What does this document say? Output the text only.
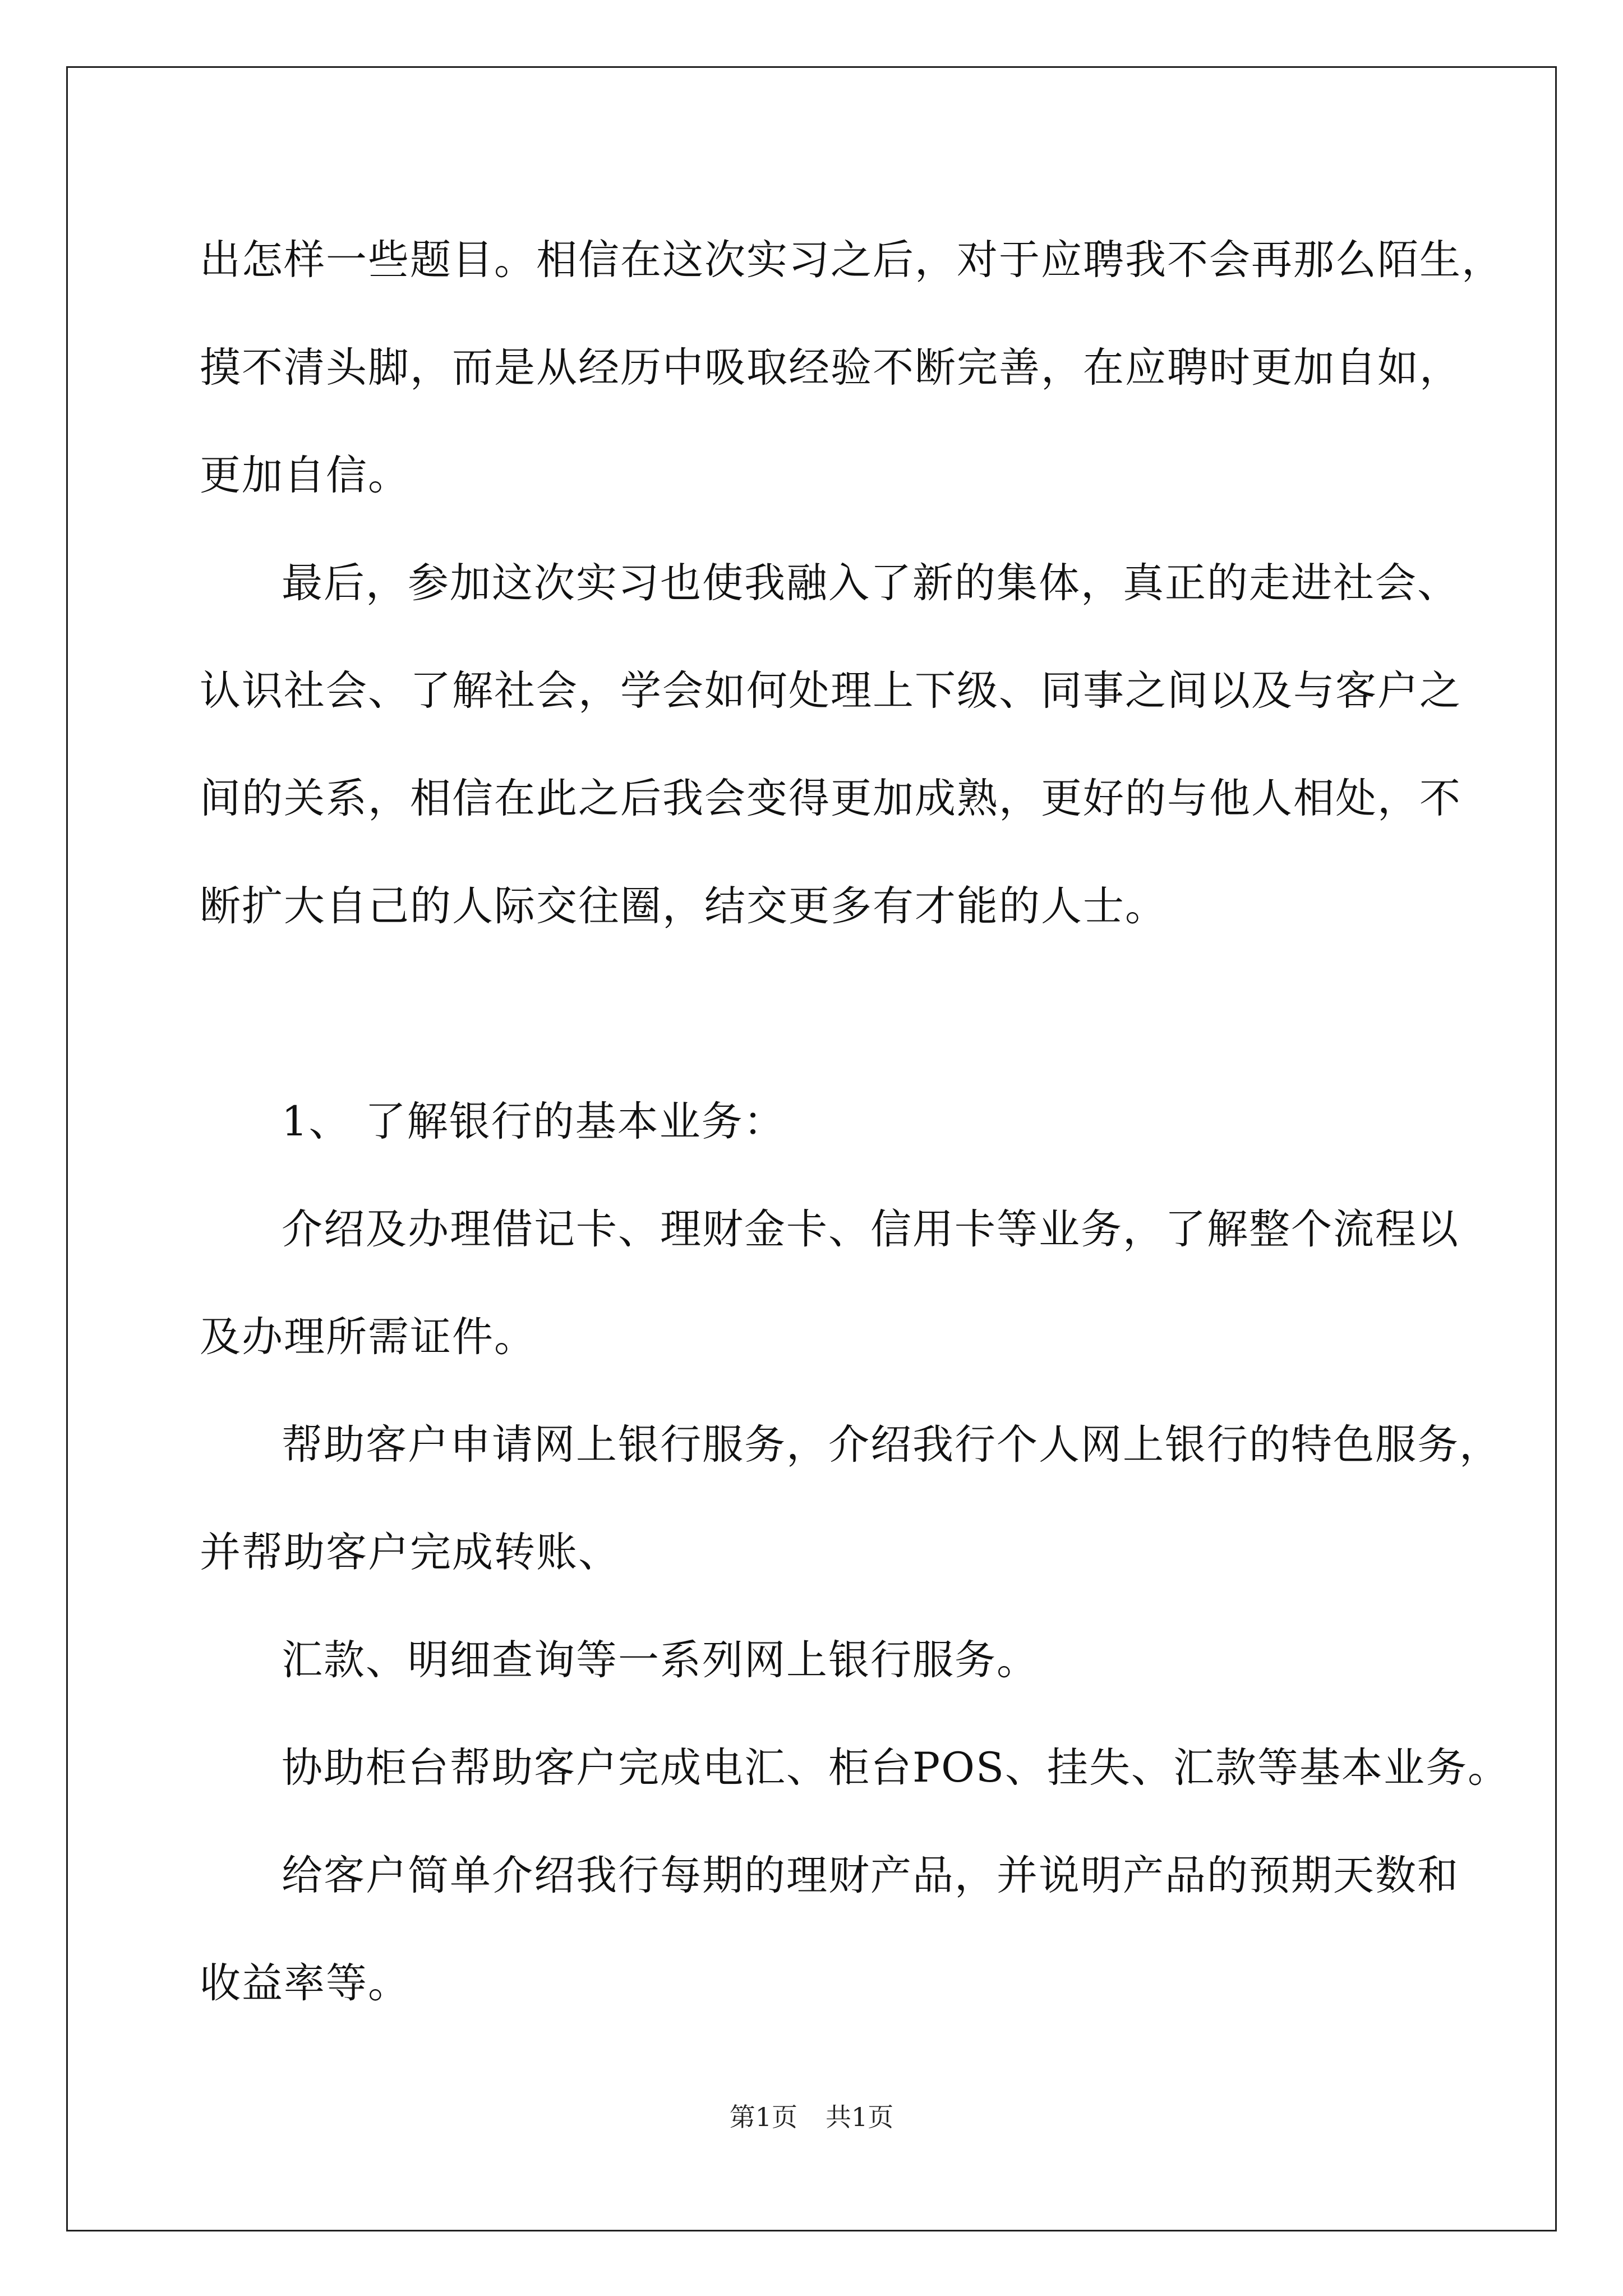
出怎样一些题目。相信在这次实习之后，对于应聘我不会再那么陌生，
摸不清头脚，而是从经历中吸取经验不断完善，在应聘时更加自如，
更加自信。

最后，参加这次实习也使我融入了新的集体，真正的走进社会、
认识社会、了解社会，学会如何处理上下级、同事之间以及与客户之
间的关系，相信在此之后我会变得更加成熟，更好的与他人相处，不
断扩大自己的人际交往圈，结交更多有才能的人士。

1、 了解银行的基本业务：

介绍及办理借记卡、理财金卡、信用卡等业务，了解整个流程以
及办理所需证件。

帮助客户申请网上银行服务，介绍我行个人网上银行的特色服务，
并帮助客户完成转账、

汇款、明细查询等一系列网上银行服务。

协助柜台帮助客户完成电汇、柜台POS、挂失、汇款等基本业务。

给客户简单介绍我行每期的理财产品，并说明产品的预期天数和
收益率等。

第1页 共1页
